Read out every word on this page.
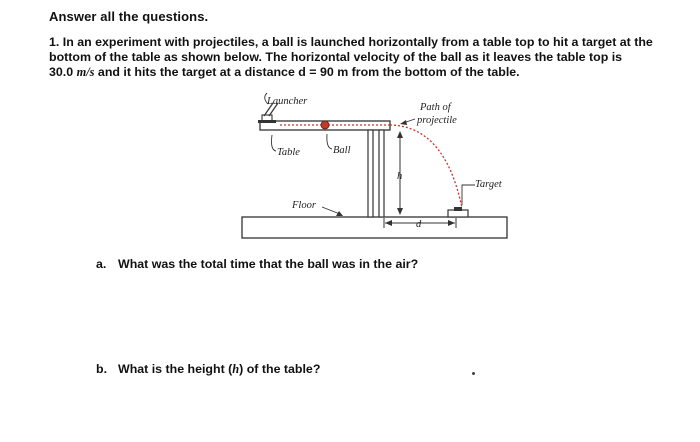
Answer all the questions.
1. In an experiment with projectiles, a ball is launched horizontally from a table top to hit a target at the
bottom of the table as shown below. The horizontal velocity of the ball as it leaves the table top is
30.0 m/s and it hits the target at a distance d = 90 m from the bottom of the table.
Launcher
Path of
projectile
Table	Ball
h
Target
Floor
d
a. What was the total time that the ball was in the air?
b. What is the height (h) of the table?
